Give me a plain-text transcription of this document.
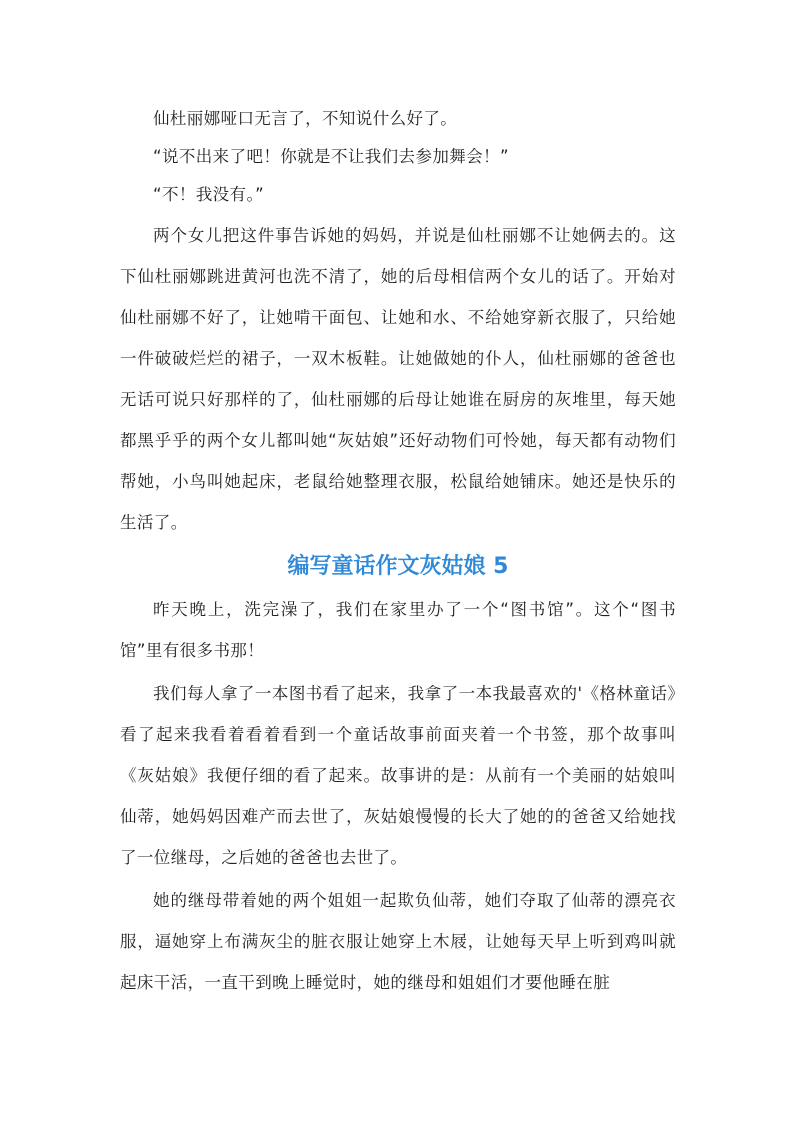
仙杜丽娜哑口无言了，不知说什么好了。

“说不出来了吧！你就是不让我们去参加舞会！”

“不！我没有。”

两个女儿把这件事告诉她的妈妈，并说是仙杜丽娜不让她俩去的。这下仙杜丽娜跳进黄河也洗不清了，她的后母相信两个女儿的话了。开始对仙杜丽娜不好了，让她啃干面包、让她和水、不给她穿新衣服了，只给她一件破破烂烂的裙子，一双木板鞋。让她做她的仆人，仙杜丽娜的爸爸也无话可说只好那样的了，仙杜丽娜的后母让她谁在厨房的灰堆里，每天她都黑乎乎的两个女儿都叫她“灰姑娘”还好动物们可怜她，每天都有动物们帮她，小鸟叫她起床，老鼠给她整理衣服，松鼠给她铺床。她还是快乐的生活了。

编写童话作文灰姑娘 5

昨天晚上，洗完澡了，我们在家里办了一个“图书馆”。这个“图书馆”里有很多书那！

我们每人拿了一本图书看了起来，我拿了一本我最喜欢的'《格林童话》看了起来我看着看着看到一个童话故事前面夹着一个书签，那个故事叫《灰姑娘》我便仔细的看了起来。故事讲的是：从前有一个美丽的姑娘叫仙蒂，她妈妈因难产而去世了，灰姑娘慢慢的长大了她的的爸爸又给她找了一位继母，之后她的爸爸也去世了。

她的继母带着她的两个姐姐一起欺负仙蒂，她们夺取了仙蒂的漂亮衣服，逼她穿上布满灰尘的脏衣服让她穿上木屐，让她每天早上听到鸡叫就起床干活，一直干到晚上睡觉时，她的继母和姐姐们才要他睡在脏
